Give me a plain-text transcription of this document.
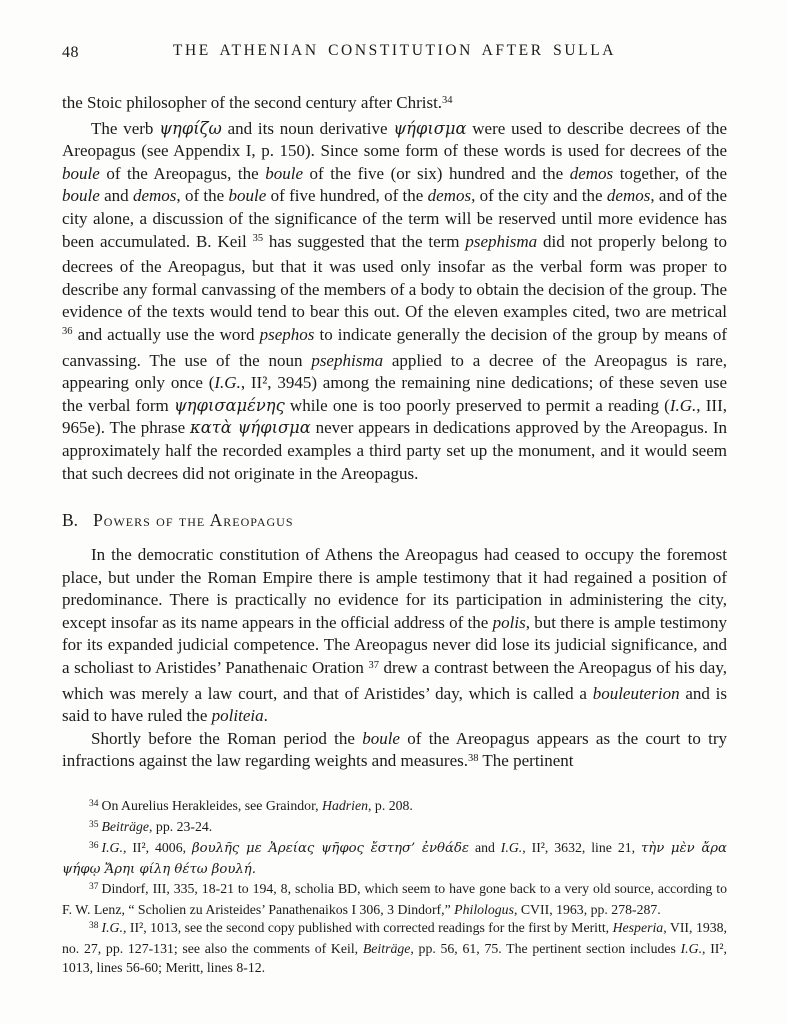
48	THE ATHENIAN CONSTITUTION AFTER SULLA

the Stoic philosopher of the second century after Christ.$^{34}$

The verb ψηφίζω and its noun derivative ψήφισμα were used to describe decrees of the Areopagus (see Appendix I, p. 150). Since some form of these words is used for decrees of the boule of the Areopagus, the boule of the five (or six) hundred and the demos together, of the boule and demos, of the boule of five hundred, of the demos, of the city and the demos, and of the city alone, a discussion of the significance of the term will be reserved until more evidence has been accumulated. B. Keil $^{35}$ has suggested that the term psephisma did not properly belong to decrees of the Areopagus, but that it was used only insofar as the verbal form was proper to describe any formal canvassing of the members of a body to obtain the decision of the group. The evidence of the texts would tend to bear this out. Of the eleven examples cited, two are metrical $^{36}$ and actually use the word psephos to indicate generally the decision of the group by means of canvassing. The use of the noun psephisma applied to a decree of the Areopagus is rare, appearing only once (I.G., II², 3945) among the remaining nine dedications; of these seven use the verbal form ψηφισαμένης while one is too poorly preserved to permit a reading (I.G., III, 965e). The phrase κατὰ ψήφισμα never appears in dedications approved by the Areopagus. In approximately half the recorded examples a third party set up the monument, and it would seem that such decrees did not originate in the Areopagus.

B. Powers of the Areopagus

In the democratic constitution of Athens the Areopagus had ceased to occupy the foremost place, but under the Roman Empire there is ample testimony that it had regained a position of predominance. There is practically no evidence for its participation in administering the city, except insofar as its name appears in the official address of the polis, but there is ample testimony for its expanded judicial competence. The Areopagus never did lose its judicial significance, and a scholiast to Aristides’ Panathenaic Oration $^{37}$ drew a contrast between the Areopagus of his day, which was merely a law court, and that of Aristides’ day, which is called a bouleuterion and is said to have ruled the politeia.

Shortly before the Roman period the boule of the Areopagus appears as the court to try infractions against the law regarding weights and measures.$^{38}$ The pertinent

$^{34}$ On Aurelius Herakleides, see Graindor, Hadrien, p. 208.

$^{35}$ Beiträge, pp. 23-24.

$^{36}$ I.G., II², 4006, βουλῆς με Ἀρείας ψῆφος ἔστησ’ ἐνθάδε and I.G., II², 3632, line 21, τὴν μὲν ἄρα ψήφῳ Ἄρηι φίλη θέτω βουλή.

$^{37}$ Dindorf, III, 335, 18-21 to 194, 8, scholia BD, which seem to have gone back to a very old source, according to F. W. Lenz, “ Scholien zu Aristeides’ Panathenaikos I 306, 3 Dindorf,” Philologus, CVII, 1963, pp. 278-287.

$^{38}$ I.G., II², 1013, see the second copy published with corrected readings for the first by Meritt, Hesperia, VII, 1938, no. 27, pp. 127-131; see also the comments of Keil, Beiträge, pp. 56, 61, 75. The pertinent section includes I.G., II², 1013, lines 56-60; Meritt, lines 8-12.
